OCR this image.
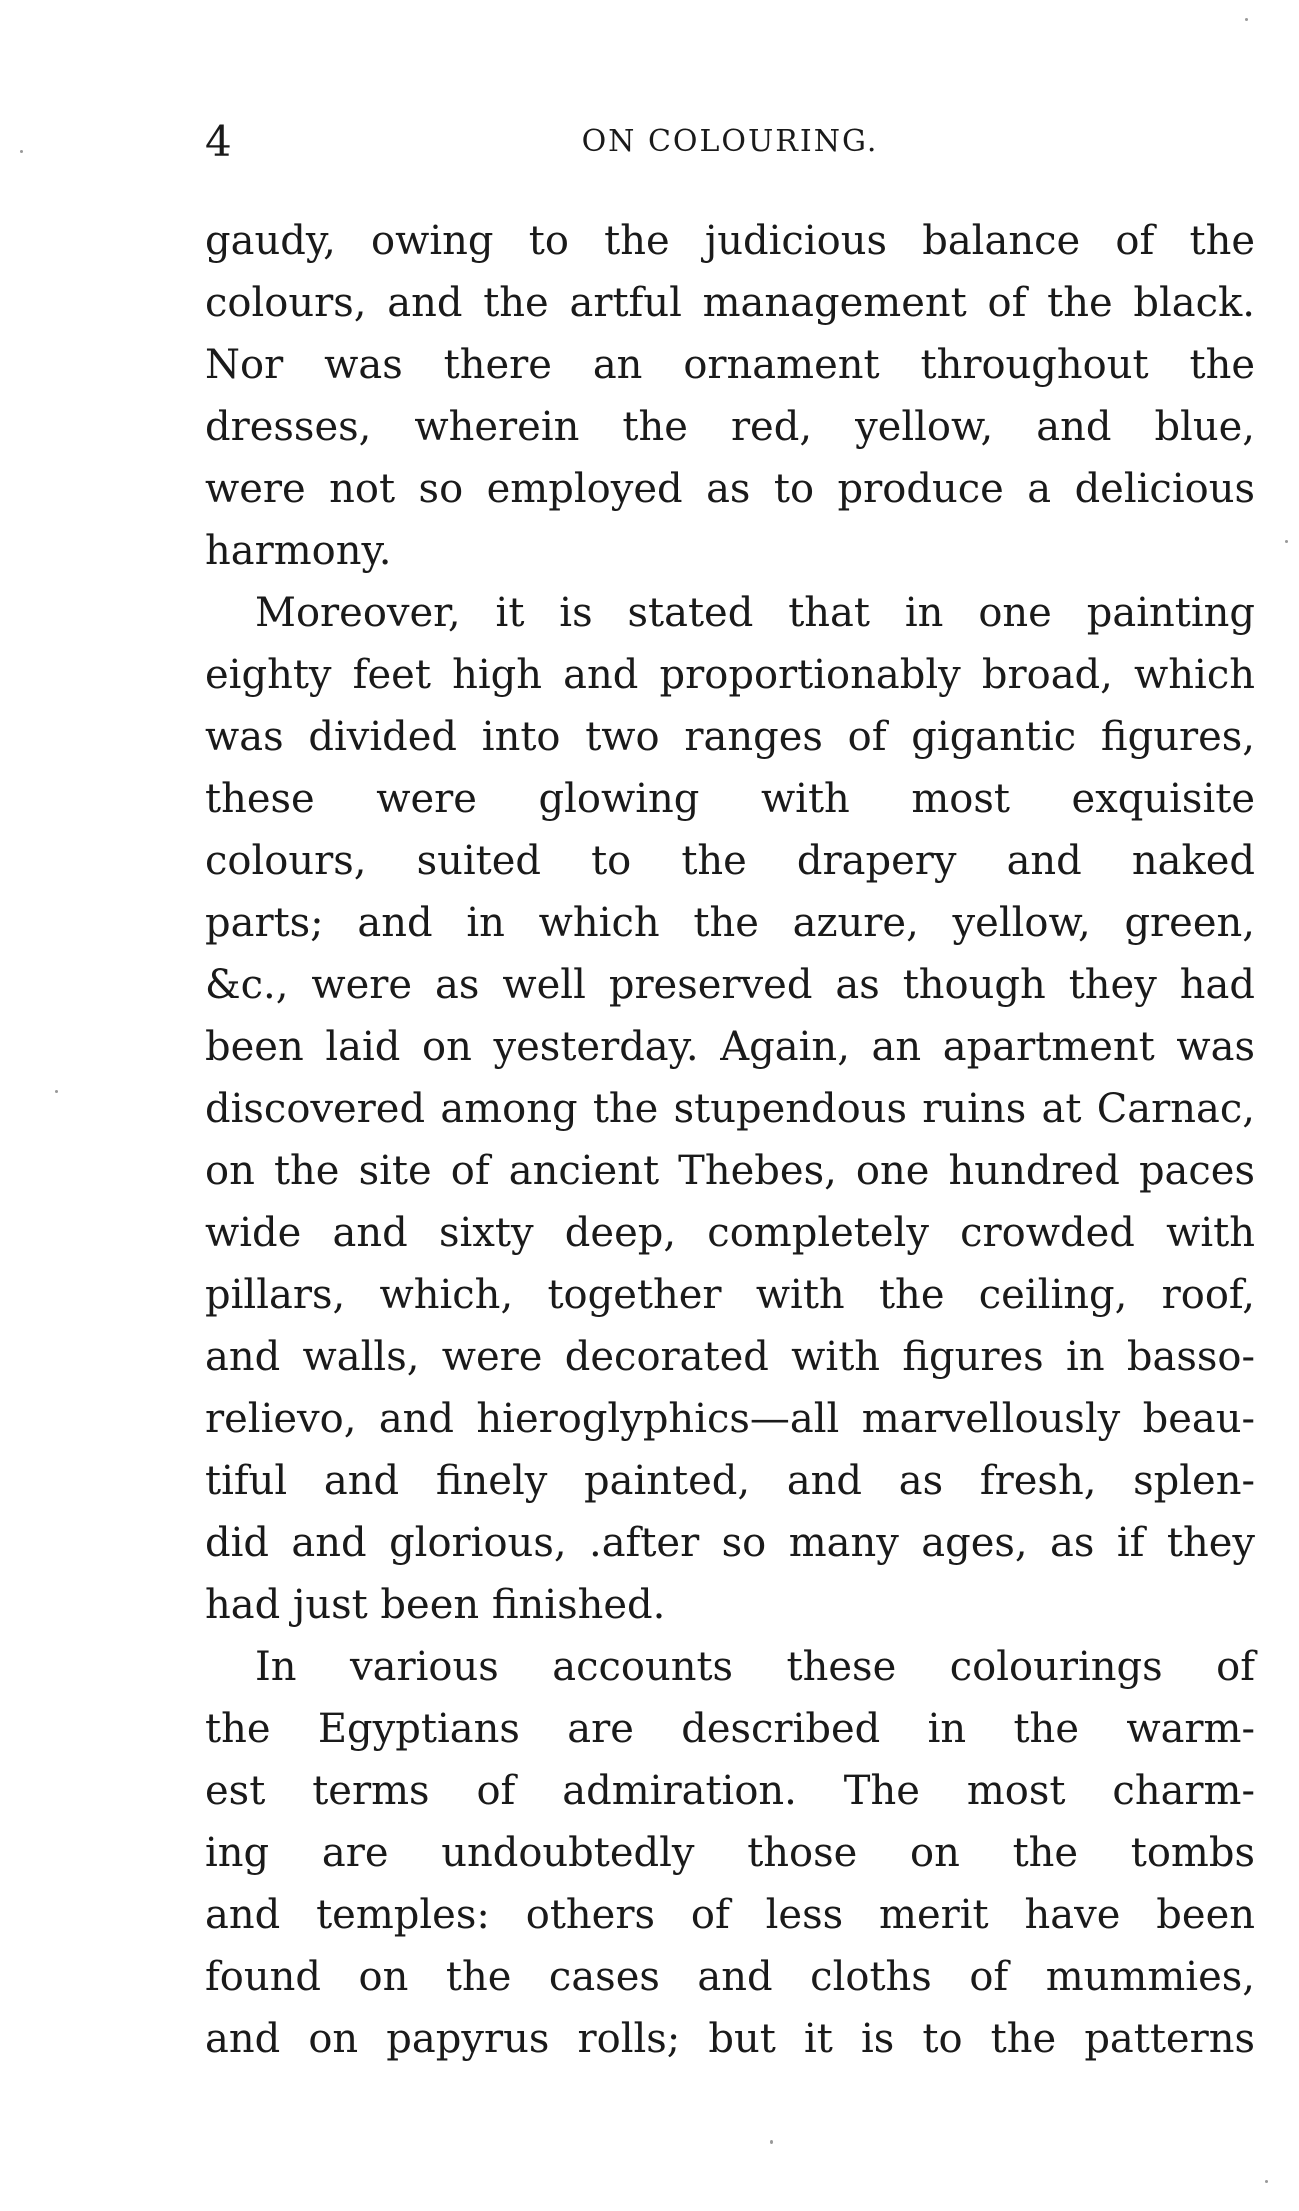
4	ON COLOURING.
gaudy, owing to the judicious balance of the
colours, and the artful management of the black.
Nor was there an ornament throughout the
dresses, wherein the red, yellow, and blue,
were not so employed as to produce a delicious
harmony.
Moreover, it is stated that in one painting
eighty feet high and proportionably broad, which
was divided into two ranges of gigantic figures,
these were glowing with most exquisite
colours, suited to the drapery and naked
parts; and in which the azure, yellow, green,
&c., were as well preserved as though they had
been laid on yesterday. Again, an apartment was
discovered among the stupendous ruins at Carnac,
on the site of ancient Thebes, one hundred paces
wide and sixty deep, completely crowded with
pillars, which, together with the ceiling, roof,
and walls, were decorated with figures in basso-
relievo, and hieroglyphics—all marvellously beau-
tiful and finely painted, and as fresh, splen-
did and glorious, .after so many ages, as if they
had just been finished.
In various accounts these colourings of
the Egyptians are described in the warm-
est terms of admiration. The most charm-
ing are undoubtedly those on the tombs
and temples: others of less merit have been
found on the cases and cloths of mummies,
and on papyrus rolls; but it is to the patterns
